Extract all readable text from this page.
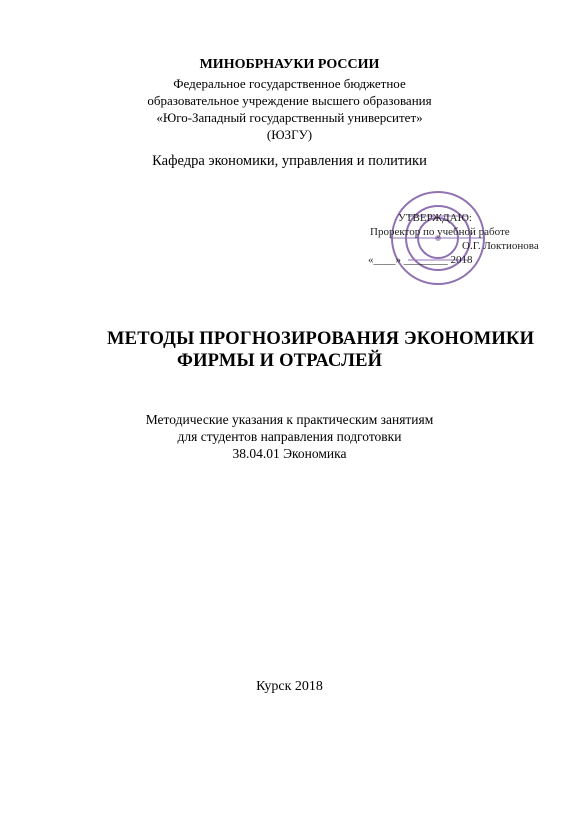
МИНОБРНАУКИ РОССИИ
Федеральное государственное бюджетное
образовательное учреждение высшего образования
«Юго-Западный государственный университет»
(ЮЗГУ)
Кафедра экономики, управления и политики
УТВЕРЖДАЮ:
Проректор по учебной работе
О.Г. Локтионова
«____» ________ 2018
МЕТОДЫ ПРОГНОЗИРОВАНИЯ ЭКОНОМИКИ
ФИРМЫ И ОТРАСЛЕЙ
Методические указания к практическим занятиям
для студентов направления подготовки
38.04.01 Экономика
Курск 2018
